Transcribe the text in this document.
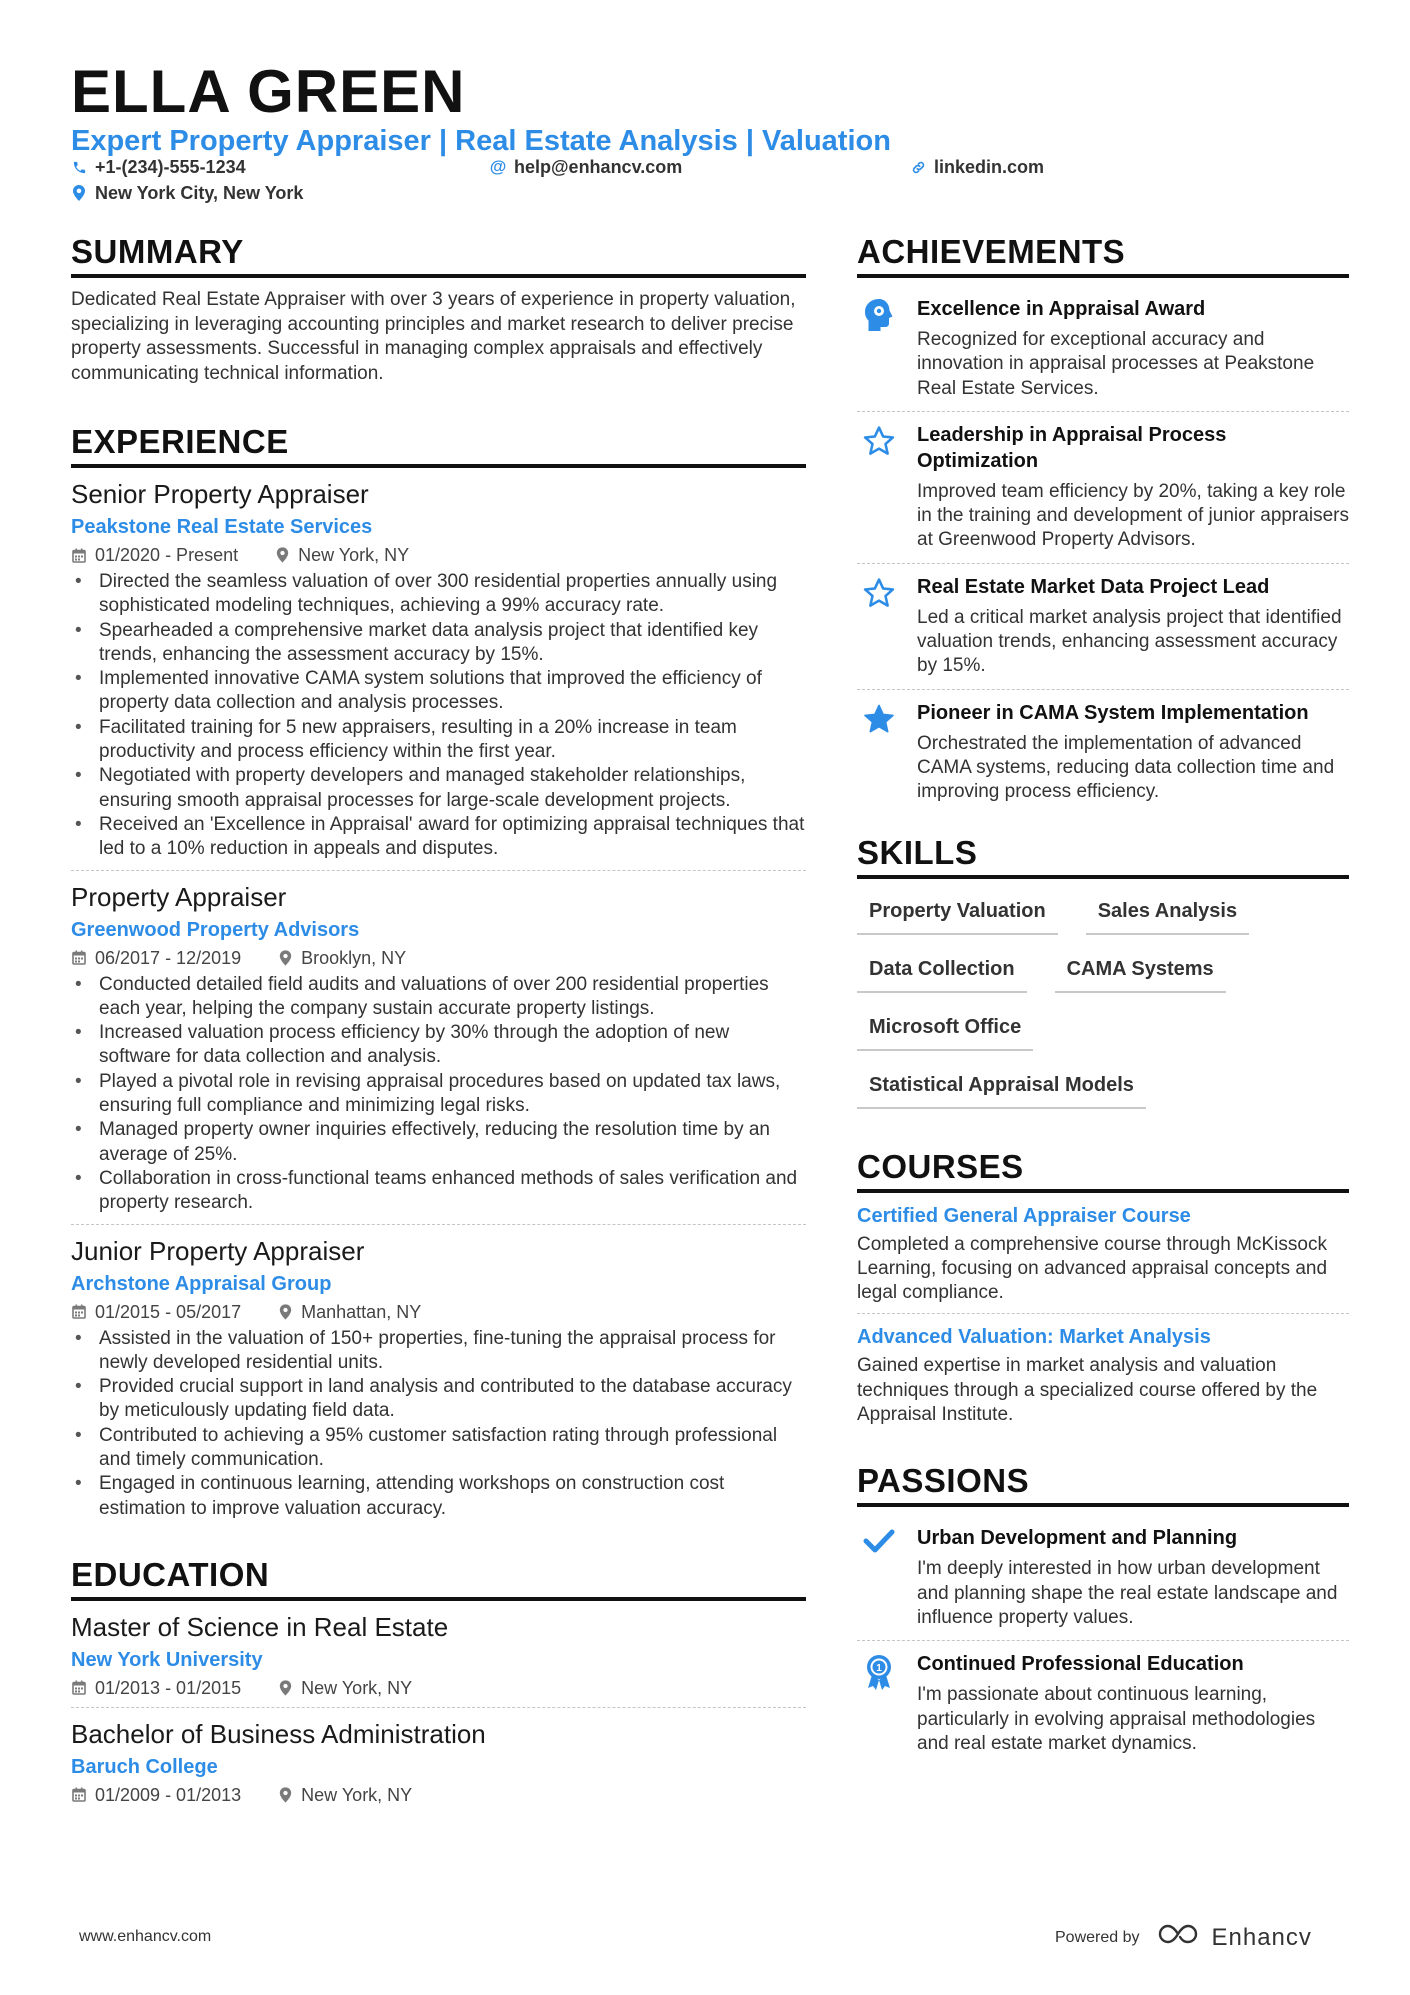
ELLA GREEN
Expert Property Appraiser | Real Estate Analysis | Valuation
+1-(234)-555-1234	@ help@enhancv.com	linkedin.com
New York City, New York
SUMMARY

Dedicated Real Estate Appraiser with over 3 years of experience in property valuation, specializing in leveraging accounting principles and market research to deliver precise property assessments. Successful in managing complex appraisals and effectively communicating technical information.

EXPERIENCE
Senior Property Appraiser
Peakstone Real Estate Services
01/2020 - Present	New York, NY
• Directed the seamless valuation of over 300 residential properties annually using sophisticated modeling techniques, achieving a 99% accuracy rate.
• Spearheaded a comprehensive market data analysis project that identified key trends, enhancing the assessment accuracy by 15%.
• Implemented innovative CAMA system solutions that improved the efficiency of property data collection and analysis processes.
• Facilitated training for 5 new appraisers, resulting in a 20% increase in team productivity and process efficiency within the first year.
• Negotiated with property developers and managed stakeholder relationships, ensuring smooth appraisal processes for large-scale development projects.
• Received an 'Excellence in Appraisal' award for optimizing appraisal techniques that led to a 10% reduction in appeals and disputes.
Property Appraiser
Greenwood Property Advisors
06/2017 - 12/2019	Brooklyn, NY
• Conducted detailed field audits and valuations of over 200 residential properties each year, helping the company sustain accurate property listings.
• Increased valuation process efficiency by 30% through the adoption of new software for data collection and analysis.
• Played a pivotal role in revising appraisal procedures based on updated tax laws, ensuring full compliance and minimizing legal risks.
• Managed property owner inquiries effectively, reducing the resolution time by an average of 25%.
• Collaboration in cross-functional teams enhanced methods of sales verification and property research.
Junior Property Appraiser
Archstone Appraisal Group
01/2015 - 05/2017	Manhattan, NY
• Assisted in the valuation of 150+ properties, fine-tuning the appraisal process for newly developed residential units.
• Provided crucial support in land analysis and contributed to the database accuracy by meticulously updating field data.
• Contributed to achieving a 95% customer satisfaction rating through professional and timely communication.
• Engaged in continuous learning, attending workshops on construction cost estimation to improve valuation accuracy.
EDUCATION
Master of Science in Real Estate
New York University
01/2013 - 01/2015	New York, NY
Bachelor of Business Administration
Baruch College
01/2009 - 01/2013	New York, NY
ACHIEVEMENTS
Excellence in Appraisal Award
Recognized for exceptional accuracy and innovation in appraisal processes at Peakstone Real Estate Services.
Leadership in Appraisal Process Optimization
Improved team efficiency by 20%, taking a key role in the training and development of junior appraisers at Greenwood Property Advisors.
Real Estate Market Data Project Lead
Led a critical market analysis project that identified valuation trends, enhancing assessment accuracy by 15%.
Pioneer in CAMA System Implementation
Orchestrated the implementation of advanced CAMA systems, reducing data collection time and improving process efficiency.
SKILLS
Property Valuation	Sales Analysis
Data Collection	CAMA Systems
Microsoft Office
Statistical Appraisal Models
COURSES
Certified General Appraiser Course
Completed a comprehensive course through McKissock Learning, focusing on advanced appraisal concepts and legal compliance.
Advanced Valuation: Market Analysis
Gained expertise in market analysis and valuation techniques through a specialized course offered by the Appraisal Institute.
PASSIONS
Urban Development and Planning
I'm deeply interested in how urban development and planning shape the real estate landscape and influence property values.
1 Continued Professional Education
I'm passionate about continuous learning, particularly in evolving appraisal methodologies and real estate market dynamics.
www.enhancv.com	Powered by	Enhancv
